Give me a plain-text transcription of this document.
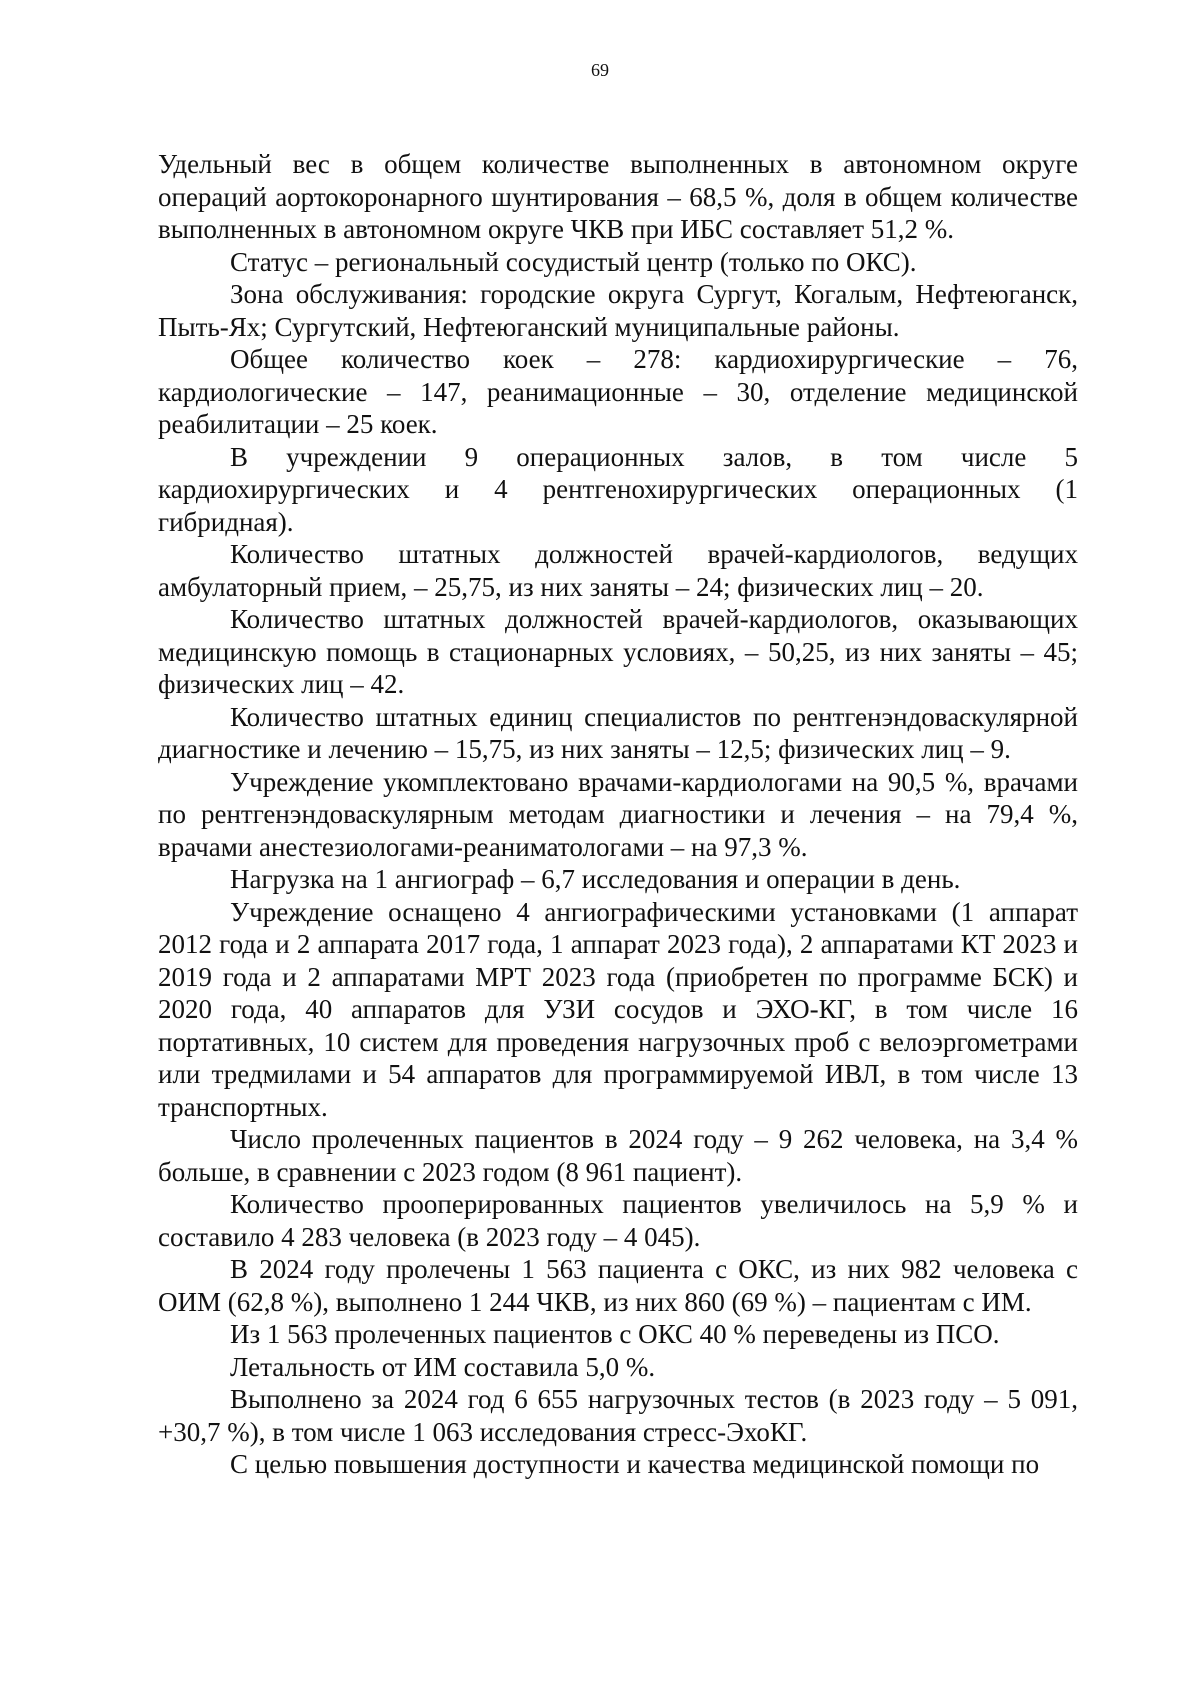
69

Удельный вес в общем количестве выполненных в автономном округе операций аортокоронарного шунтирования – 68,5 %, доля в общем количестве выполненных в автономном округе ЧКВ при ИБС составляет 51,2 %.

Статус – региональный сосудистый центр (только по ОКС).

Зона обслуживания: городские округа Сургут, Когалым, Нефтеюганск, Пыть-Ях; Сургутский, Нефтеюганский муниципальные районы.

Общее количество коек – 278: кардиохирургические – 76, кардиологические – 147, реанимационные – 30, отделение медицинской реабилитации – 25 коек.

В учреждении 9 операционных залов, в том числе 5 кардиохирургических и 4 рентгенохирургических операционных (1 гибридная).

Количество штатных должностей врачей-кардиологов, ведущих амбулаторный прием, – 25,75, из них заняты – 24; физических лиц – 20.

Количество штатных должностей врачей-кардиологов, оказывающих медицинскую помощь в стационарных условиях, – 50,25, из них заняты – 45; физических лиц – 42.

Количество штатных единиц специалистов по рентгенэндоваскулярной диагностике и лечению – 15,75, из них заняты – 12,5; физических лиц – 9.

Учреждение укомплектовано врачами-кардиологами на 90,5 %, врачами по рентгенэндоваскулярным методам диагностики и лечения – на 79,4 %, врачами анестезиологами-реаниматологами – на 97,3 %.

Нагрузка на 1 ангиограф – 6,7 исследования и операции в день.

Учреждение оснащено 4 ангиографическими установками (1 аппарат 2012 года и 2 аппарата 2017 года, 1 аппарат 2023 года), 2 аппаратами КТ 2023 и 2019 года и 2 аппаратами МРТ 2023 года (приобретен по программе БСК) и 2020 года, 40 аппаратов для УЗИ сосудов и ЭХО-КГ, в том числе 16 портативных, 10 систем для проведения нагрузочных проб с велоэргометрами или тредмилами и 54 аппаратов для программируемой ИВЛ, в том числе 13 транспортных.

Число пролеченных пациентов в 2024 году – 9 262 человека, на 3,4 % больше, в сравнении с 2023 годом (8 961 пациент).

Количество прооперированных пациентов увеличилось на 5,9 % и составило 4 283 человека (в 2023 году – 4 045).

В 2024 году пролечены 1 563 пациента с ОКС, из них 982 человека с ОИМ (62,8 %), выполнено 1 244 ЧКВ, из них 860 (69 %) – пациентам с ИМ.

Из 1 563 пролеченных пациентов с ОКС 40 % переведены из ПСО.

Летальность от ИМ составила 5,0 %.

Выполнено за 2024 год 6 655 нагрузочных тестов (в 2023 году – 5 091, +30,7 %), в том числе 1 063 исследования стресс-ЭхоКГ.

С целью повышения доступности и качества медицинской помощи по
